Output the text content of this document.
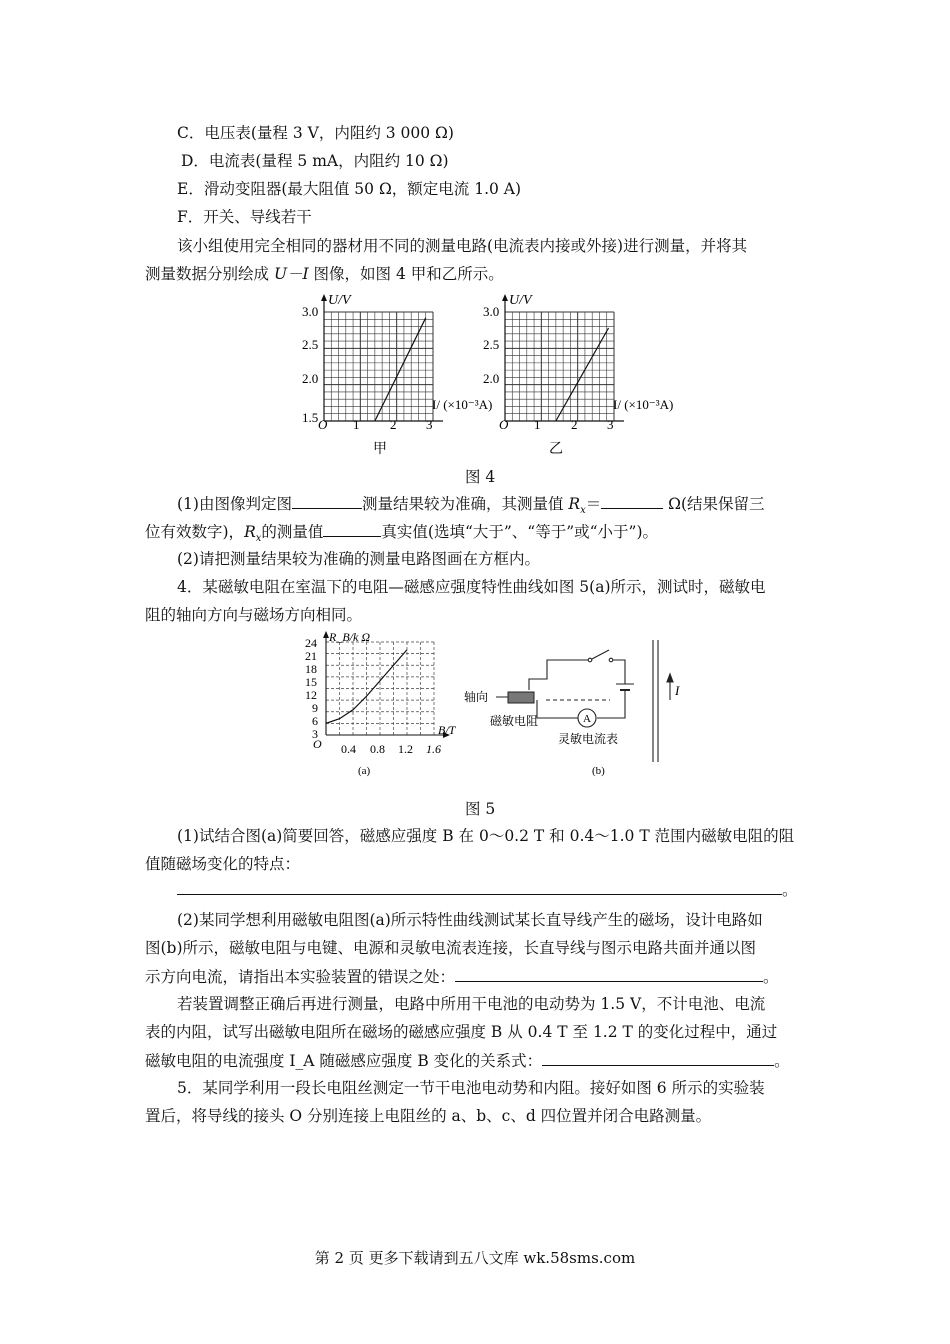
C．电压表(量程 3 V，内阻约 3 000 Ω)
D．电流表(量程 5 mA，内阻约 10 Ω)
E．滑动变阻器(最大阻值 50 Ω，额定电流 1.0 A)
F．开关、导线若干
该小组使用完全相同的器材用不同的测量电路(电流表内接或外接)进行测量，并将其
测量数据分别绘成 U－I 图像，如图 4 甲和乙所示。
U/V
3.0
2.5
2.0
1.5 O 1 2 3
I/ (×10⁻³A)
甲
U/V
3.0
2.5
2.0
O 1 2 3
I/ (×10⁻³A)
乙
图 4
(1)由图像判定图	测量结果较为准确，其测量值 $R_x=$	Ω(结果保留三
位有效数字)，$R_x$的测量值	真实值(选填“大于”、“等于”或“小于”)。
(2)请把测量结果较为准确的测量电路图画在方框内。
4．某磁敏电阻在室温下的电阻—磁感应强度特性曲线如图 5(a)所示，测试时，磁敏电
阻的轴向方向与磁场方向相同。
R_B/k Ω
24
21
18
15
12
9
6
3
O 0.4 0.8 1.2 1.6
B/T
(a)
A
轴向
磁敏电阻
灵敏电流表
I
(b)
图 5
(1)试结合图(a)简要回答，磁感应强度 B 在 0～0.2 T 和 0.4～1.0 T 范围内磁敏电阻的阻
值随磁场变化的特点：
。
(2)某同学想利用磁敏电阻图(a)所示特性曲线测试某长直导线产生的磁场，设计电路如
图(b)所示，磁敏电阻与电键、电源和灵敏电流表连接，长直导线与图示电路共面并通以图
示方向电流，请指出本实验装置的错误之处：	。
若装置调整正确后再进行测量，电路中所用干电池的电动势为 1.5 V，不计电池、电流
表的内阻，试写出磁敏电阻所在磁场的磁感应强度 B 从 0.4 T 至 1.2 T 的变化过程中，通过
磁敏电阻的电流强度 I_A 随磁感应强度 B 变化的关系式：	。
5．某同学利用一段长电阻丝测定一节干电池电动势和内阻。接好如图 6 所示的实验装
置后，将导线的接头 O 分别连接上电阻丝的 a、b、c、d 四位置并闭合电路测量。
第 2 页 更多下载请到五八文库 wk.58sms.com
